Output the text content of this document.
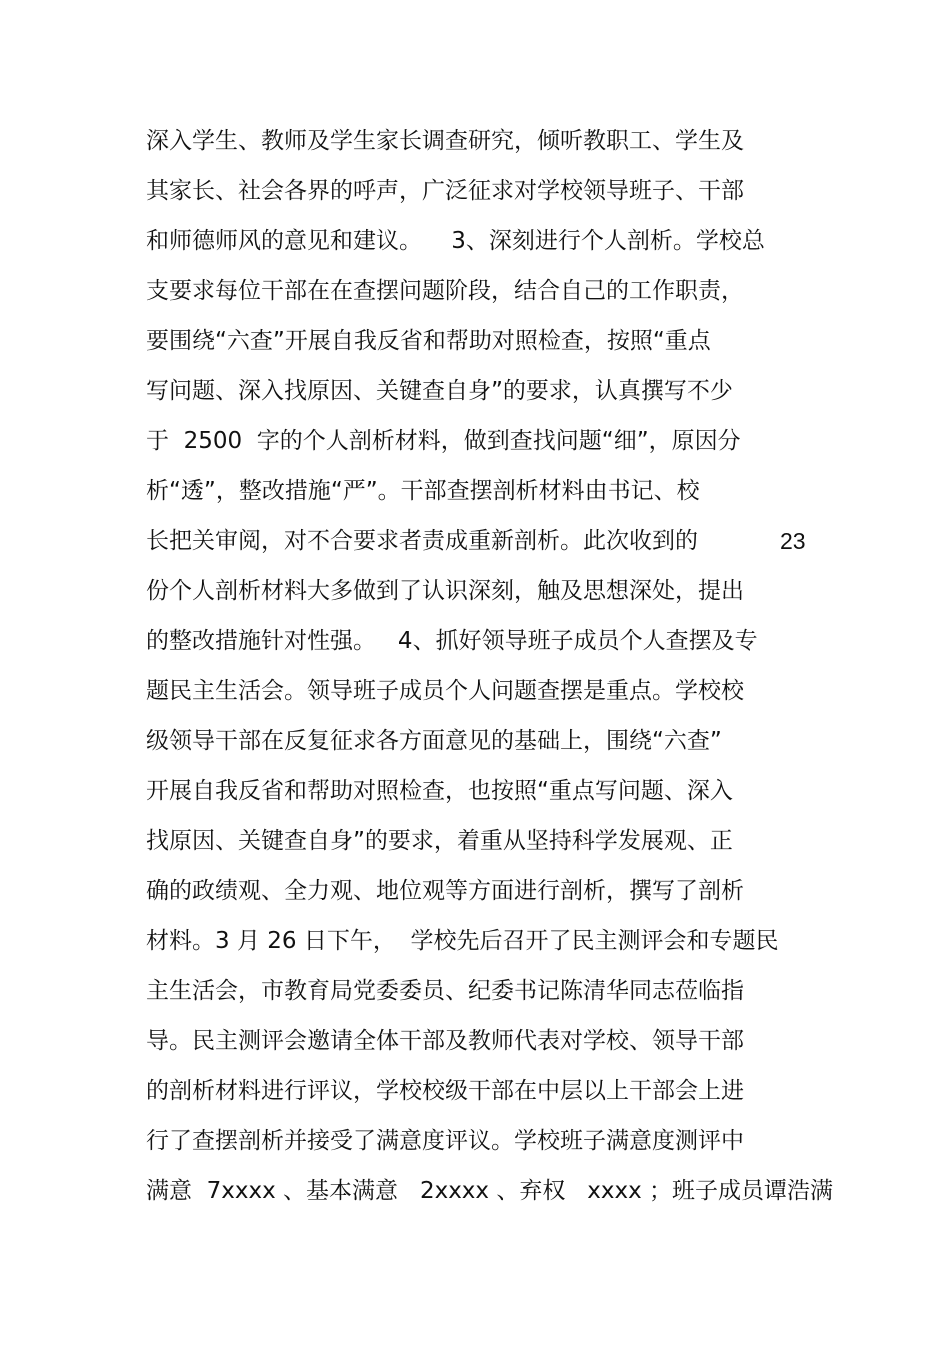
深入学生、教师及学生家长调查研究，倾听教职工、学生及
其家长、社会各界的呼声，广泛征求对学校领导班子、干部
和师德师风的意见和建议。    3、深刻进行个人剖析。学校总
支要求每位干部在在查摆问题阶段，结合自己的工作职责，
要围绕“六查”开展自我反省和帮助对照检查，按照“重点
写问题、深入找原因、关键查自身”的要求，认真撰写不少
于  2500  字的个人剖析材料，做到查找问题“细”，原因分
析“透”，整改措施“严”。干部查摆剖析材料由书记、校
长把关审阅，对不合要求者责成重新剖析。此次收到的	23
份个人剖析材料大多做到了认识深刻，触及思想深处，提出
的整改措施针对性强。   4、抓好领导班子成员个人查摆及专
题民主生活会。领导班子成员个人问题查摆是重点。学校校
级领导干部在反复征求各方面意见的基础上，围绕“六查”
开展自我反省和帮助对照检查，也按照“重点写问题、深入
找原因、关键查自身”的要求，着重从坚持科学发展观、正
确的政绩观、全力观、地位观等方面进行剖析，撰写了剖析
材料。3 月 26 日下午，  学校先后召开了民主测评会和专题民
主生活会，市教育局党委委员、纪委书记陈清华同志莅临指
导。民主测评会邀请全体干部及教师代表对学校、领导干部
的剖析材料进行评议，学校校级干部在中层以上干部会上进
行了查摆剖析并接受了满意度评议。学校班子满意度测评中
满意  7xxxx 、基本满意   2xxxx 、弃权   xxxx ；班子成员谭浩满
